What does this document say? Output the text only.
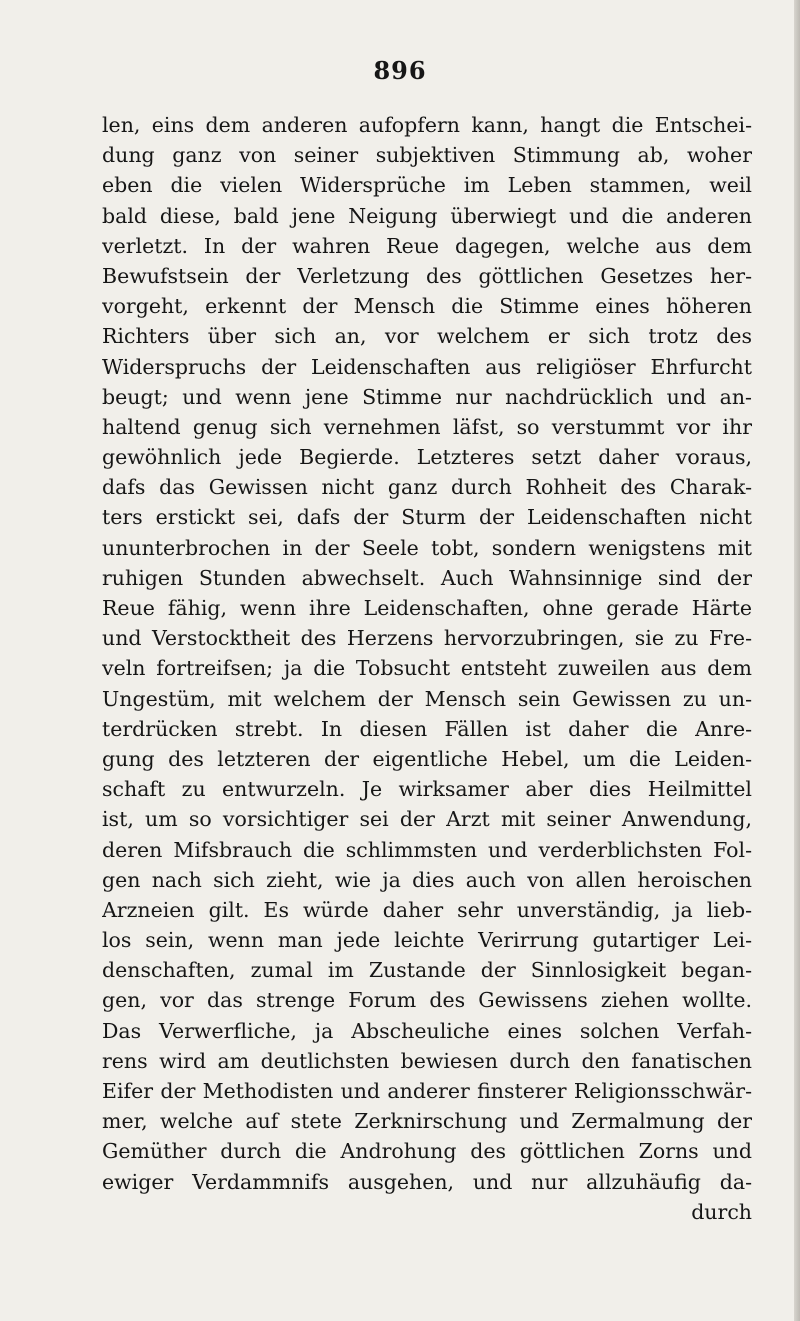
896
len, eins dem anderen aufopfern kann, hangt die Entschei-
dung ganz von seiner subjektiven Stimmung ab, woher
eben die vielen Widersprüche im Leben stammen, weil
bald diese, bald jene Neigung überwiegt und die anderen
verletzt. In der wahren Reue dagegen, welche aus dem
Bewufstsein der Verletzung des göttlichen Gesetzes her-
vorgeht, erkennt der Mensch die Stimme eines höheren
Richters über sich an, vor welchem er sich trotz des
Widerspruchs der Leidenschaften aus religiöser Ehrfurcht
beugt; und wenn jene Stimme nur nachdrücklich und an-
haltend genug sich vernehmen läfst, so verstummt vor ihr
gewöhnlich jede Begierde. Letzteres setzt daher voraus,
dafs das Gewissen nicht ganz durch Rohheit des Charak-
ters erstickt sei, dafs der Sturm der Leidenschaften nicht
ununterbrochen in der Seele tobt, sondern wenigstens mit
ruhigen Stunden abwechselt. Auch Wahnsinnige sind der
Reue fähig, wenn ihre Leidenschaften, ohne gerade Härte
und Verstocktheit des Herzens hervorzubringen, sie zu Fre-
veln fortreifsen; ja die Tobsucht entsteht zuweilen aus dem
Ungestüm, mit welchem der Mensch sein Gewissen zu un-
terdrücken strebt. In diesen Fällen ist daher die Anre-
gung des letzteren der eigentliche Hebel, um die Leiden-
schaft zu entwurzeln. Je wirksamer aber dies Heilmittel
ist, um so vorsichtiger sei der Arzt mit seiner Anwendung,
deren Mifsbrauch die schlimmsten und verderblichsten Fol-
gen nach sich zieht, wie ja dies auch von allen heroischen
Arzneien gilt. Es würde daher sehr unverständig, ja lieb-
los sein, wenn man jede leichte Verirrung gutartiger Lei-
denschaften, zumal im Zustande der Sinnlosigkeit began-
gen, vor das strenge Forum des Gewissens ziehen wollte.
Das Verwerfliche, ja Abscheuliche eines solchen Verfah-
rens wird am deutlichsten bewiesen durch den fanatischen
Eifer der Methodisten und anderer finsterer Religionsschwär-
mer, welche auf stete Zerknirschung und Zermalmung der
Gemüther durch die Androhung des göttlichen Zorns und
ewiger Verdammnifs ausgehen, und nur allzuhäufig da-
durch
